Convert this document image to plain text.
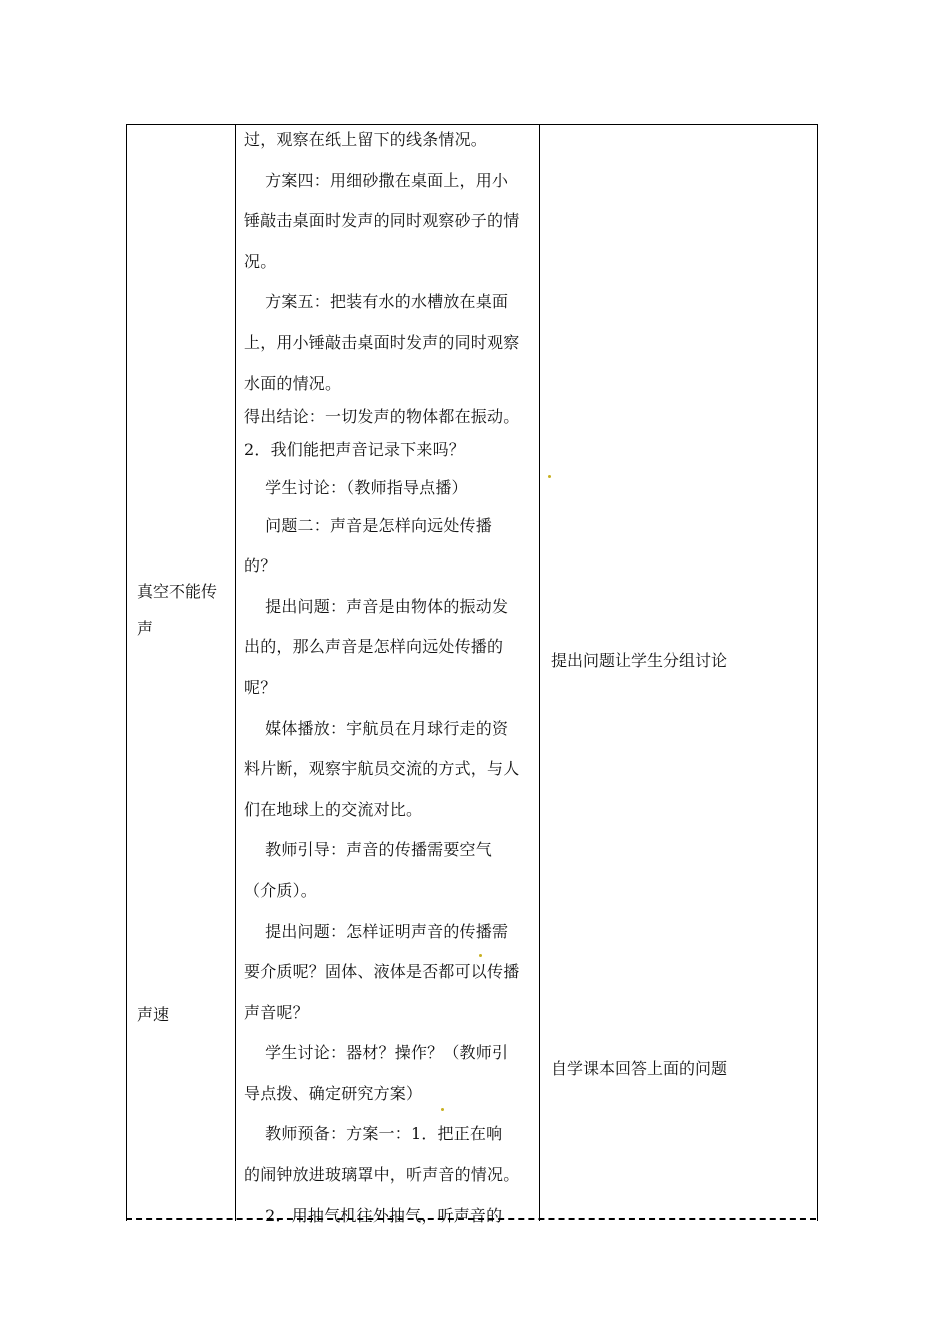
真空不能传
声
声速
过，观察在纸上留下的线条情况。
方案四：用细砂撒在桌面上，用小
锤敲击桌面时发声的同时观察砂子的情
况。
方案五：把装有水的水槽放在桌面
上，用小锤敲击桌面时发声的同时观察
水面的情况。
得出结论：一切发声的物体都在振动。
2．我们能把声音记录下来吗？
学生讨论：（教师指导点播）
问题二：声音是怎样向远处传播
的？
提出问题：声音是由物体的振动发
出的，那么声音是怎样向远处传播的
呢？
媒体播放：宇航员在月球行走的资
料片断，观察宇航员交流的方式，与人
们在地球上的交流对比。
教师引导：声音的传播需要空气
（介质）。
提出问题：怎样证明声音的传播需
要介质呢？固体、液体是否都可以传播
声音呢？
学生讨论：器材？操作？（教师引
导点拨、确定研究方案）
教师预备：方案一：1．把正在响
的闹钟放进玻璃罩中，听声音的情况。
2．用抽气机往外抽气，听声音的
提出问题让学生分组讨论
自学课本回答上面的问题
